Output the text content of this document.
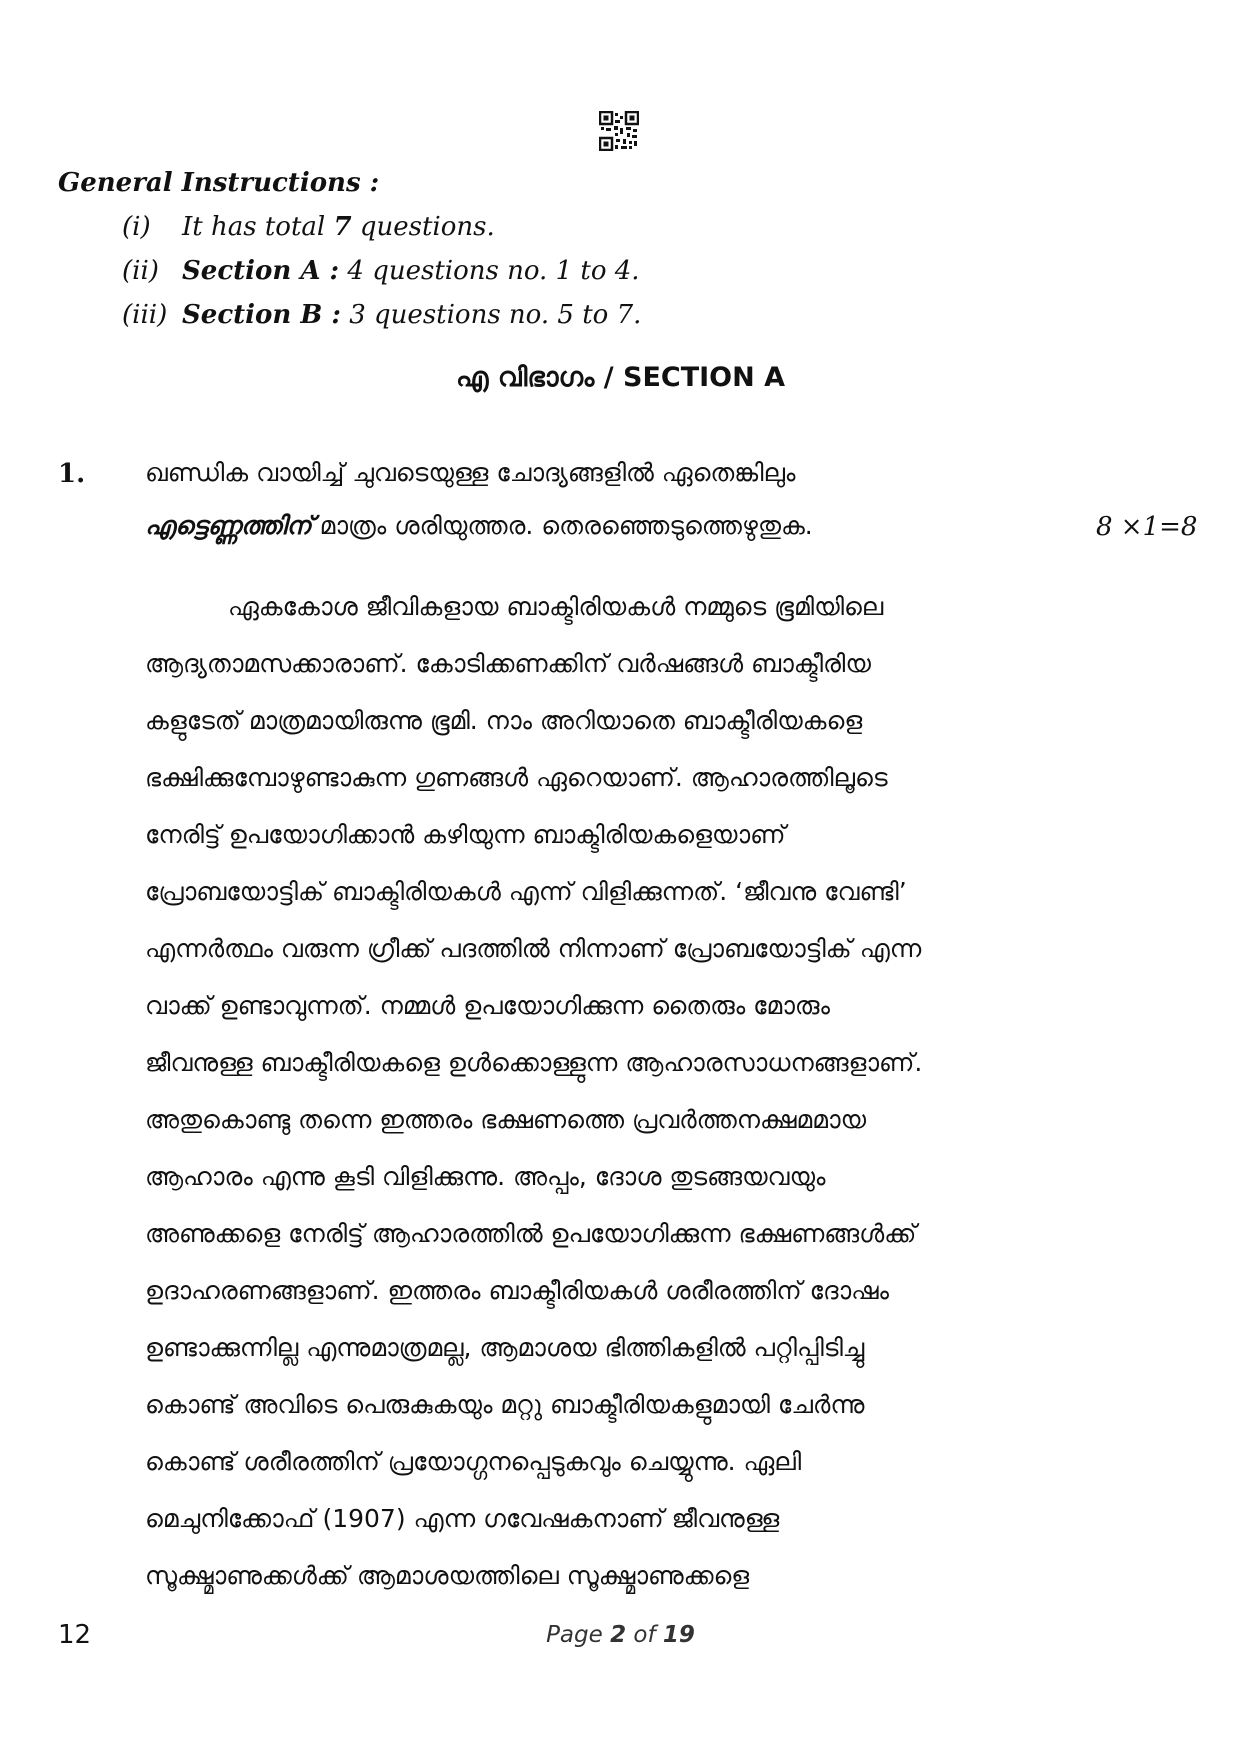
General Instructions :
(i) It has total 7 questions.
(ii) Section A : 4 questions no. 1 to 4.
(iii) Section B : 3 questions no. 5 to 7.
എ വിഭാഗം / SECTION A
1. ഖണ്ഡിക വായിച്ച് ചുവടെയുള്ള ചോദ്യങ്ങളിൽ ഏതെങ്കിലും
എട്ടെണ്ണത്തിന് മാത്രം ശരിയുത്തര. തെരഞ്ഞെടുത്തെഴുതുക.	8 ×1=8
ഏകകോശ ജീവികളായ ബാക്ടിരിയകൾ നമ്മുടെ ഭൂമിയിലെ
ആദ്യതാമസക്കാരാണ്. കോടിക്കണക്കിന് വർഷങ്ങൾ ബാക്ടീരിയ
കളുടേത് മാത്രമായിരുന്നു ഭൂമി. നാം അറിയാതെ ബാക്ടീരിയകളെ
ഭക്ഷിക്കുമ്പോഴുണ്ടാകുന്ന ഗുണങ്ങൾ ഏറെയാണ്. ആഹാരത്തിലൂടെ
നേരിട്ട് ഉപയോഗിക്കാൻ കഴിയുന്ന ബാക്ടിരിയകളെയാണ്
പ്രോബയോട്ടിക് ബാക്ടിരിയകൾ എന്ന് വിളിക്കുന്നത്. ‘ജീവനു വേണ്ടി’
എന്നർത്ഥം വരുന്ന ഗ്രീക്ക് പദത്തിൽ നിന്നാണ് പ്രോബയോട്ടിക് എന്ന
വാക്ക് ഉണ്ടാവുന്നത്. നമ്മൾ ഉപയോഗിക്കുന്ന തൈരും മോരും
ജീവനുള്ള ബാക്ടീരിയകളെ ഉൾക്കൊള്ളുന്ന ആഹാരസാധനങ്ങളാണ്.
അതുകൊണ്ടു തന്നെ ഇത്തരം ഭക്ഷണത്തെ പ്രവർത്തനക്ഷമമായ
ആഹാരം എന്നു കൂടി വിളിക്കുന്നു. അപ്പം, ദോശ തുടങ്ങയവയും
അണുക്കളെ നേരിട്ട് ആഹാരത്തിൽ ഉപയോഗിക്കുന്ന ഭക്ഷണങ്ങൾക്ക്
ഉദാഹരണങ്ങളാണ്. ഇത്തരം ബാക്ടീരിയകൾ ശരീരത്തിന് ദോഷം
ഉണ്ടാക്കുന്നില്ല എന്നുമാത്രമല്ല, ആമാശയ ഭിത്തികളിൽ പറ്റിപ്പിടിച്ചു
കൊണ്ട് അവിടെ പെരുകുകയും മറ്റു ബാക്ടീരിയകളുമായി ചേർന്നു
കൊണ്ട് ശരീരത്തിന് പ്രയോഗ്ഗനപ്പെടുകവും ചെയ്യുന്നു. ഏലി
മെചുനിക്കോഫ് (1907) എന്ന ഗവേഷകനാണ് ജീവനുള്ള
സൂക്ഷ്മാണുക്കൾക്ക് ആമാശയത്തിലെ സൂക്ഷ്മാണുക്കളെ
12	Page 2 of 19
